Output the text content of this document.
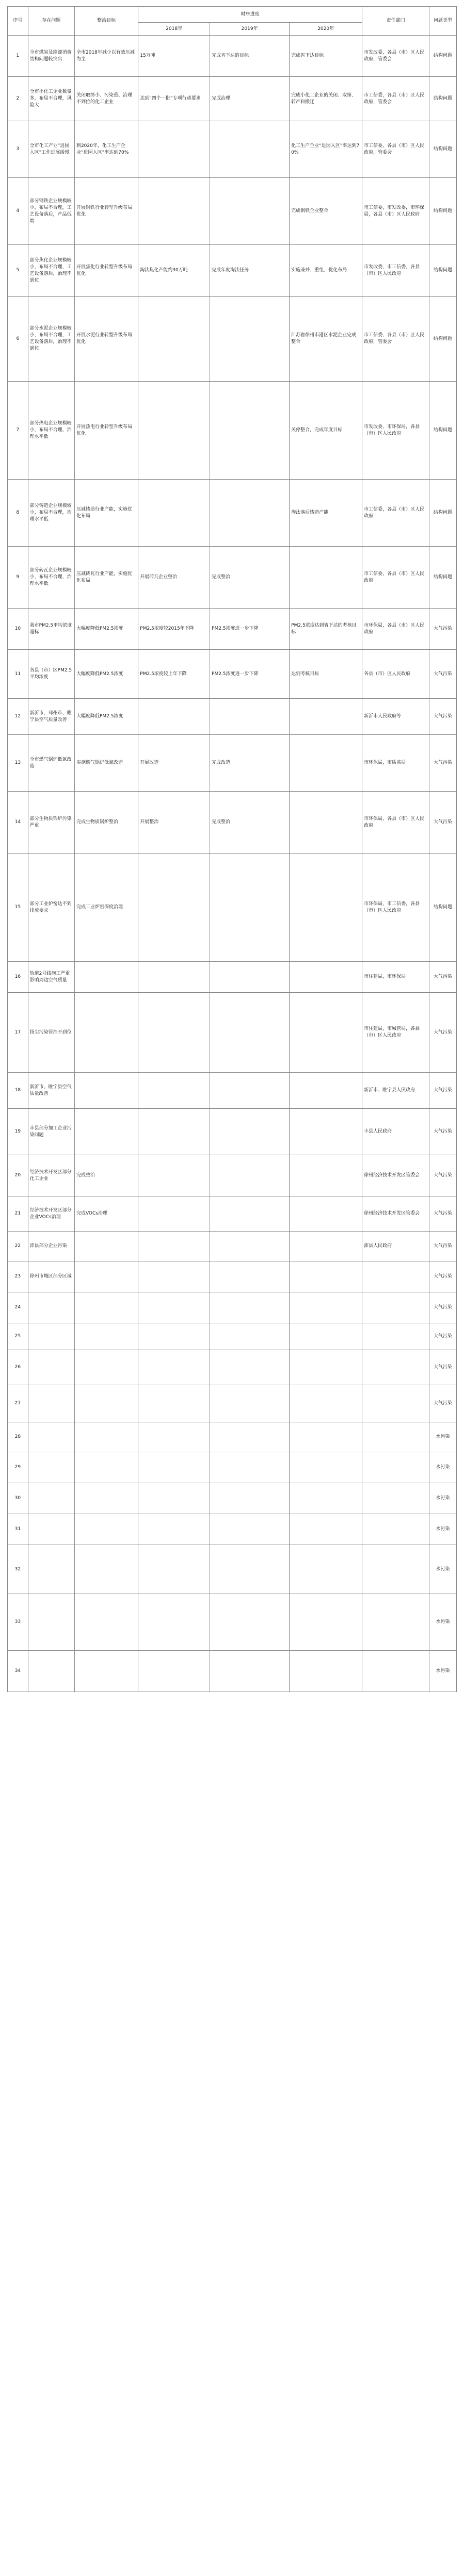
序号	存在问题	整治目标	时序进度			责任部门	问题类型
			2018年	2019年	2020年		
1	全市煤炭及能源消费结构问题较突出	全市2018年减少以有效压减为主	15万吨	完成省下达的目标	完成省下达目标	市发改委，各县（市）区人民政府，管委会	结构问题
2	全市小化工企业数量多，布局不合理，风险大	关闭取缔小、污染重、治理不到位的化工企业	达到“四个一批”专项行动要求	完成治理	完成小化工企业的关闭、取缔、转产和搬迁	市工信委，各县（市）区人民政府，管委会	结构问题
3	全市化工产业“进园入区”工作进展缓慢	到2020年，化工生产企业“进园入区”率达到70%			化工生产企业“进园入区”率达到70%	市工信委，各县（市）区人民政府，管委会	结构问题
4	部分钢铁企业规模较小，布局不合理，工艺设备落后，产品低端	开展钢铁行业转型升级布局优化			完成钢铁企业整合	市工信委，市发改委，市环保局，各县（市）区人民政府	结构问题
5	部分焦化企业规模较小，布局不合理，工艺设备落后，治理不到位	开展焦化行业转型升级布局优化	淘汰焦化产能约30万吨	完成年度淘汰任务	实施兼并、重组，优化布局	市发改委，市工信委，各县（市）区人民政府	结构问题
6	部分水泥企业规模较小，布局不合理，工艺设备落后，治理不到位	开展水泥行业转型升级布局优化			江苏省徐州市港区水泥企业完成整合	市工信委，各县（市）区人民政府，管委会	结构问题
7	部分热电企业规模较小，布局不合理，治理水平低	开展热电行业转型升级布局优化			关停整合，完成年度目标	市发改委，市环保局，各县（市）区人民政府	结构问题
8	部分铸造企业规模较小，布局不合理，治理水平低	压减铸造行业产能，实施优化布局			淘汰落后铸造产能	市工信委，各县（市）区人民政府	结构问题
9	部分砖瓦企业规模较小，布局不合理，治理水平低	压减砖瓦行业产能，实施优化布局	开展砖瓦企业整治	完成整治		市工信委，各县（市）区人民政府	结构问题
10	我市PM2.5平均浓度超标	大幅度降低PM2.5浓度	PM2.5浓度较2015年下降	PM2.5浓度进一步下降	PM2.5浓度达到省下达的考核目标	市环保局，各县（市）区人民政府	大气污染
11	各县（市）区PM2.5平均浓度	大幅度降低PM2.5浓度	PM2.5浓度较上年下降	PM2.5浓度进一步下降	达到考核目标	各县（市）区人民政府	大气污染
12	新沂市、邳州市、睢宁县空气质量改善	大幅度降低PM2.5浓度				新沂市人民政府等	大气污染
13	全市燃气锅炉低氮改造	实施燃气锅炉低氮改造	开展改造	完成改造		市环保局，市质监局	大气污染
14	部分生物质锅炉污染严重	完成生物质锅炉整治	开展整治	完成整治		市环保局，各县（市）区人民政府	大气污染
15	部分工业炉窑达不到排放要求	完成工业炉窑深度治理				市环保局，市工信委，各县（市）区人民政府	结构问题
16	轨道2号线施工严重影响周边空气质量					市住建局，市环保局	大气污染
17	扬尘污染管控不到位					市住建局，市城管局，各县（市）区人民政府	大气污染
18	新沂市、睢宁县空气质量改善					新沂市、睢宁县人民政府	大气污染
19	丰县部分加工企业污染问题					丰县人民政府	大气污染
20	经济技术开发区部分化工企业	完成整治				徐州经济技术开发区管委会	大气污染
21	经济技术开发区部分企业VOCs治理	完成VOCs治理				徐州经济技术开发区管委会	大气污染
22	沛县部分企业污染					沛县人民政府	大气污染
23	徐州市城区部分区域						大气污染
24							大气污染
25							大气污染
26							大气污染
27							大气污染
28							水污染
29							水污染
30							水污染
31							水污染
32							水污染
33							水污染
34							水污染
